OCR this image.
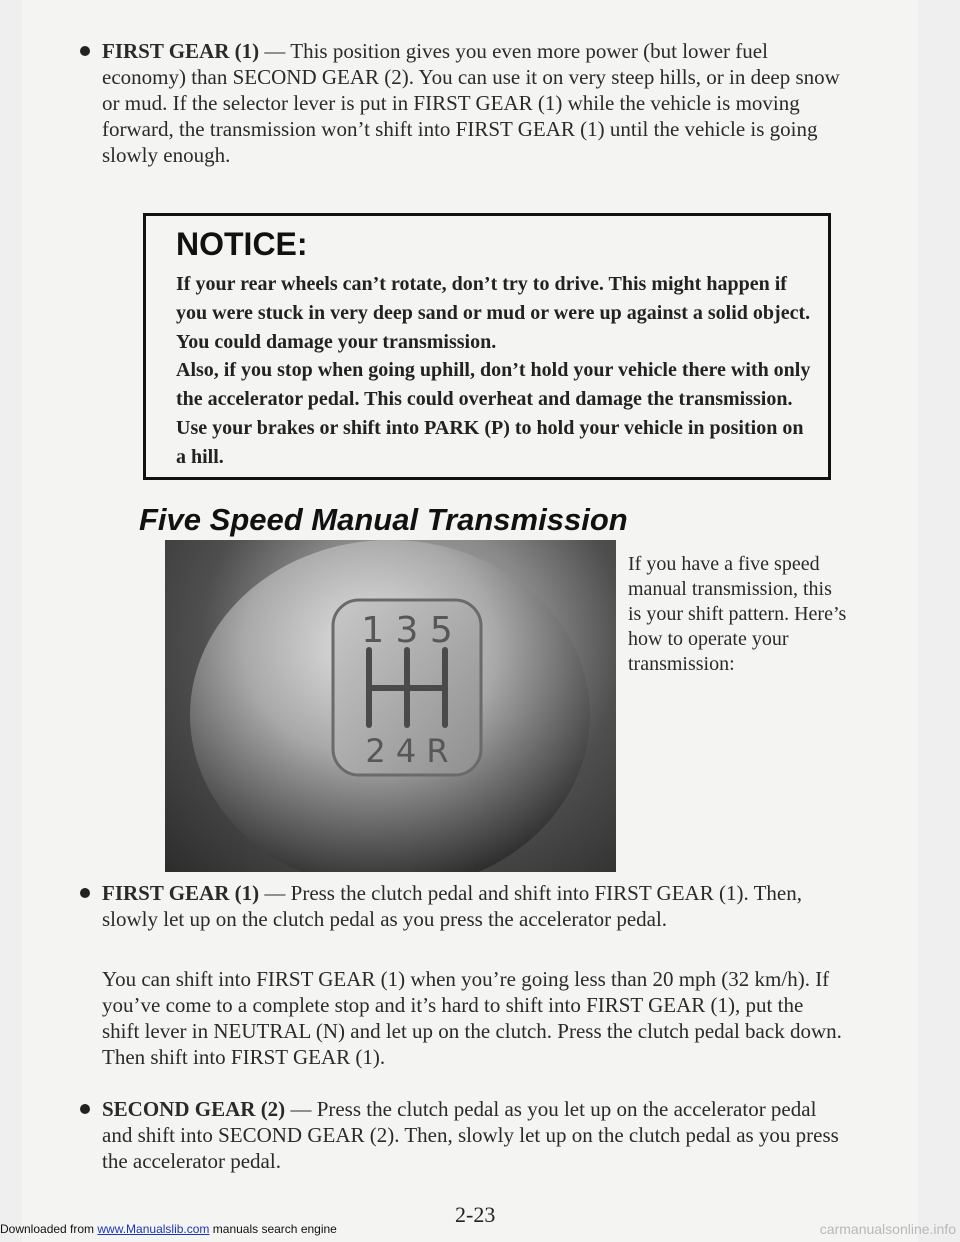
FIRST GEAR (1) — This position gives you even more power (but lower fuel economy) than SECOND GEAR (2). You can use it on very steep hills, or in deep snow or mud. If the selector lever is put in FIRST GEAR (1) while the vehicle is moving forward, the transmission won’t shift into FIRST GEAR (1) until the vehicle is going slowly enough.
NOTICE:
If your rear wheels can’t rotate, don’t try to drive. This might happen if you were stuck in very deep sand or mud or were up against a solid object. You could damage your transmission.
Also, if you stop when going uphill, don’t hold your vehicle there with only the accelerator pedal. This could overheat and damage the transmission. Use your brakes or shift into PARK (P) to hold your vehicle in position on a hill.
Five Speed Manual Transmission
1 3 5
2 4 R
If you have a five speed manual transmission, this is your shift pattern. Here’s how to operate your transmission:
FIRST GEAR (1) — Press the clutch pedal and shift into FIRST GEAR (1). Then, slowly let up on the clutch pedal as you press the accelerator pedal.
You can shift into FIRST GEAR (1) when you’re going less than 20 mph (32 km/h). If you’ve come to a complete stop and it’s hard to shift into FIRST GEAR (1), put the shift lever in NEUTRAL (N) and let up on the clutch. Press the clutch pedal back down. Then shift into FIRST GEAR (1).
SECOND GEAR (2) — Press the clutch pedal as you let up on the accelerator pedal and shift into SECOND GEAR (2). Then, slowly let up on the clutch pedal as you press the accelerator pedal.
2-23
Downloaded from www.Manualslib.com manuals search engine	carmanualsonline.info
